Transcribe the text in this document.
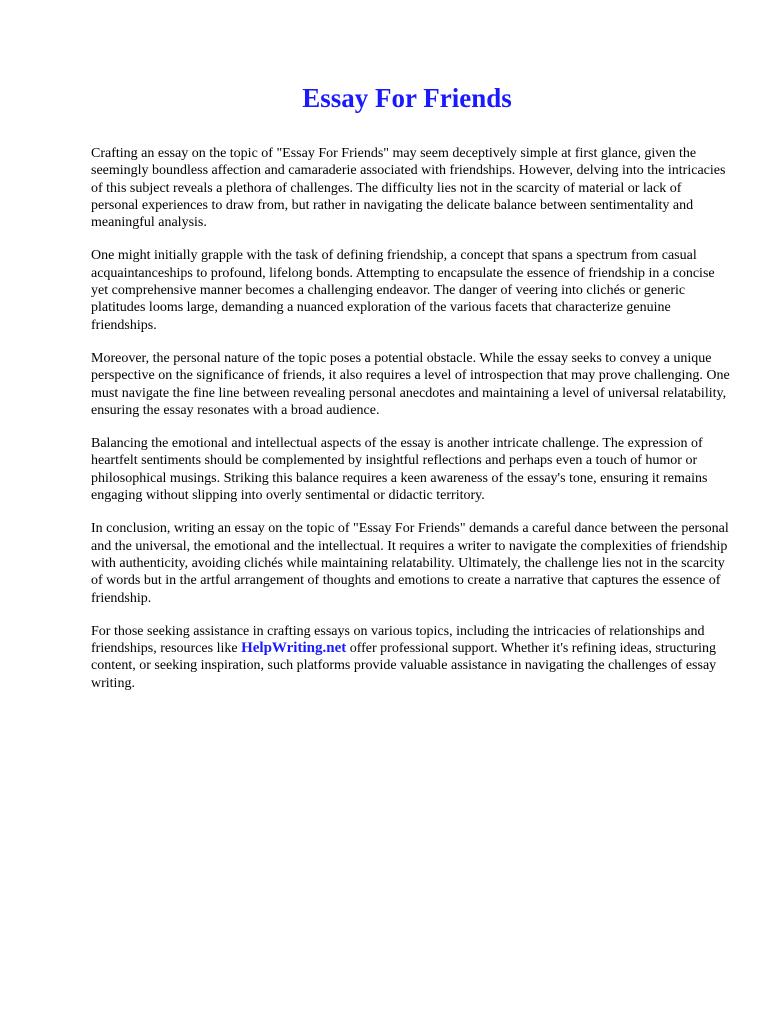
Essay For Friends

Crafting an essay on the topic of "Essay For Friends" may seem deceptively simple at first glance, given the seemingly boundless affection and camaraderie associated with friendships. However, delving into the intricacies of this subject reveals a plethora of challenges. The difficulty lies not in the scarcity of material or lack of personal experiences to draw from, but rather in navigating the delicate balance between sentimentality and meaningful analysis.

One might initially grapple with the task of defining friendship, a concept that spans a spectrum from casual acquaintanceships to profound, lifelong bonds. Attempting to encapsulate the essence of friendship in a concise yet comprehensive manner becomes a challenging endeavor. The danger of veering into clichés or generic platitudes looms large, demanding a nuanced exploration of the various facets that characterize genuine friendships.

Moreover, the personal nature of the topic poses a potential obstacle. While the essay seeks to convey a unique perspective on the significance of friends, it also requires a level of introspection that may prove challenging. One must navigate the fine line between revealing personal anecdotes and maintaining a level of universal relatability, ensuring the essay resonates with a broad audience.

Balancing the emotional and intellectual aspects of the essay is another intricate challenge. The expression of heartfelt sentiments should be complemented by insightful reflections and perhaps even a touch of humor or philosophical musings. Striking this balance requires a keen awareness of the essay's tone, ensuring it remains engaging without slipping into overly sentimental or didactic territory.

In conclusion, writing an essay on the topic of "Essay For Friends" demands a careful dance between the personal and the universal, the emotional and the intellectual. It requires a writer to navigate the complexities of friendship with authenticity, avoiding clichés while maintaining relatability. Ultimately, the challenge lies not in the scarcity of words but in the artful arrangement of thoughts and emotions to create a narrative that captures the essence of friendship.

For those seeking assistance in crafting essays on various topics, including the intricacies of relationships and friendships, resources like HelpWriting.net offer professional support. Whether it's refining ideas, structuring content, or seeking inspiration, such platforms provide valuable assistance in navigating the challenges of essay writing.
